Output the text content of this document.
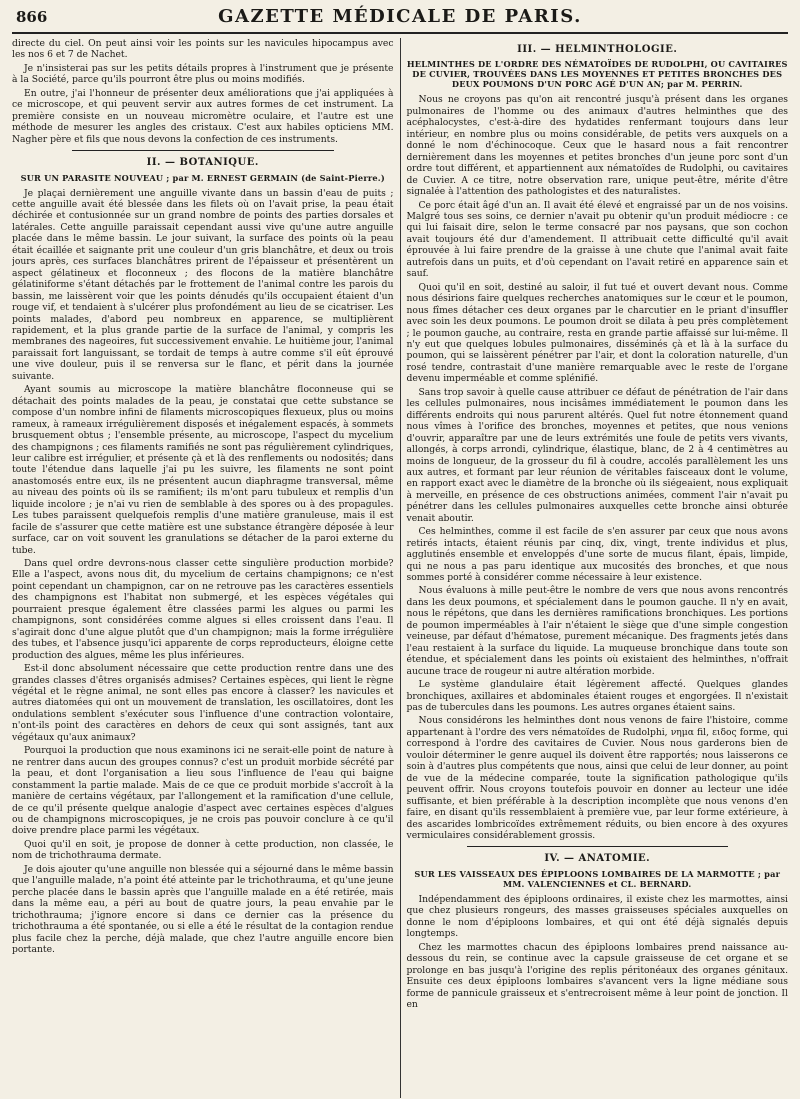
866	GAZETTE MÉDICALE DE PARIS.

directe du ciel. On peut ainsi voir les points sur les navicules hipocampus avec les nos 6 et 7 de Nachet.

Je n'insisterai pas sur les petits détails propres à l'instrument que je présente à la Société, parce qu'ils pourront être plus ou moins modifiés.

En outre, j'ai l'honneur de présenter deux améliorations que j'ai appliquées à ce microscope, et qui peuvent servir aux autres formes de cet instrument. La première consiste en un nouveau micromètre oculaire, et l'autre est une méthode de mesurer les angles des cristaux. C'est aux habiles opticiens MM. Nagher père et fils que nous devons la confection de ces instruments.

II. — BOTANIQUE.
SUR UN PARASITE NOUVEAU ; par M. ERNEST GERMAIN (de Saint-Pierre.)

Je plaçai dernièrement une anguille vivante dans un bassin d'eau de puits ; cette anguille avait été blessée dans les filets où on l'avait prise, la peau était déchirée et contusionnée sur un grand nombre de points des parties dorsales et latérales. Cette anguille paraissait cependant aussi vive qu'une autre anguille placée dans le même bassin. Le jour suivant, la surface des points où la peau était écaillée et saignante prit une couleur d'un gris blanchâtre, et deux ou trois jours après, ces surfaces blanchâtres prirent de l'épaisseur et présentèrent un aspect gélatineux et floconneux ; des flocons de la matière blanchâtre gélatiniforme s'étant détachés par le frottement de l'animal contre les parois du bassin, me laissèrent voir que les points dénudés qu'ils occupaient étaient d'un rouge vif, et tendaient à s'ulcérer plus profondément au lieu de se cicatriser. Les points malades, d'abord peu nombreux en apparence, se multiplièrent rapidement, et la plus grande partie de la surface de l'animal, y compris les membranes des nageoires, fut successivement envahie. Le huitième jour, l'animal paraissait fort languissant, se tordait de temps à autre comme s'il eût éprouvé une vive douleur, puis il se renversa sur le flanc, et périt dans la journée suivante.

Ayant soumis au microscope la matière blanchâtre floconneuse qui se détachait des points malades de la peau, je constatai que cette substance se compose d'un nombre infini de filaments microscopiques flexueux, plus ou moins rameux, à rameaux irrégulièrement disposés et inégalement espacés, à sommets brusquement obtus ; l'ensemble présente, au microscope, l'aspect du mycelium des champignons ; ces filaments ramifiés ne sont pas régulièrement cylindriques, leur calibre est irrégulier, et présente çà et là des renflements ou nodosités; dans toute l'étendue dans laquelle j'ai pu les suivre, les filaments ne sont point anastomosés entre eux, ils ne présentent aucun diaphragme transversal, même au niveau des points où ils se ramifient; ils m'ont paru tubuleux et remplis d'un liquide incolore ; je n'ai vu rien de semblable à des spores ou à des propagules. Les tubes paraissent quelquefois remplis d'une matière granuleuse, mais il est facile de s'assurer que cette matière est une substance étrangère déposée à leur surface, car on voit souvent les granulations se détacher de la paroi externe du tube.

Dans quel ordre devrons-nous classer cette singulière production morbide? Elle a l'aspect, avons nous dit, du mycelium de certains champignons; ce n'est point cependant un champignon, car on ne retrouve pas les caractères essentiels des champignons est l'habitat non submergé, et les espèces végétales qui pourraient presque également être classées parmi les algues ou parmi les champignons, sont considérées comme algues si elles croissent dans l'eau. Il s'agirait donc d'une algue plutôt que d'un champignon; mais la forme irrégulière des tubes, et l'absence jusqu'ici apparente de corps reproducteurs, éloigne cette production des algues, même les plus inférieures.

Est-il donc absolument nécessaire que cette production rentre dans une des grandes classes d'êtres organisés admises? Certaines espèces, qui lient le règne végétal et le règne animal, ne sont elles pas encore à classer? les navicules et autres diatomées qui ont un mouvement de translation, les oscillatoires, dont les ondulations semblent s'exécuter sous l'influence d'une contraction volontaire, n'ont-ils point des caractères en dehors de ceux qui sont assignés, tant aux végétaux qu'aux animaux?

Pourquoi la production que nous examinons ici ne serait-elle point de nature à ne rentrer dans aucun des groupes connus? c'est un produit morbide sécrété par la peau, et dont l'organisation a lieu sous l'influence de l'eau qui baigne constamment la partie malade. Mais de ce que ce produit morbide s'accroît à la manière de certains végétaux, par l'allongement et la ramification d'une cellule, de ce qu'il présente quelque analogie d'aspect avec certaines espèces d'algues ou de champignons microscopiques, je ne crois pas pouvoir conclure à ce qu'il doive prendre place parmi les végétaux.

Quoi qu'il en soit, je propose de donner à cette production, non classée, le nom de trichothrauma dermate.

Je dois ajouter qu'une anguille non blessée qui a séjourné dans le même bassin que l'anguille malade, n'a point été atteinte par le trichothrauma, et qu'une jeune perche placée dans le bassin après que l'anguille malade en a été retirée, mais dans la même eau, a péri au bout de quatre jours, la peau envahie par le trichothrauma; j'ignore encore si dans ce dernier cas la présence du trichothrauma a été spontanée, ou si elle a été le résultat de la contagion rendue plus facile chez la perche, déjà malade, que chez l'autre anguille encore bien portante.

III. — HELMINTHOLOGIE.
HELMINTHES DE L'ORDRE DES NÉMATOÏDES DE RUDOLPHI, OU CAVITAIRES DE CUVIER, TROUVÉES DANS LES MOYENNES ET PETITES BRONCHES DES DEUX POUMONS D'UN PORC AGÉ D'UN AN; par M. PERRIN.

Nous ne croyons pas qu'on ait rencontré jusqu'à présent dans les organes pulmonaires de l'homme ou des animaux d'autres helminthes que des acéphalocystes, c'est-à-dire des hydatides renfermant toujours dans leur intérieur, en nombre plus ou moins considérable, de petits vers auxquels on a donné le nom d'échinocoque. Ceux que le hasard nous a fait rencontrer dernièrement dans les moyennes et petites bronches d'un jeune porc sont d'un ordre tout différent, et appartiennent aux nématoïdes de Rudolphi, ou cavitaires de Cuvier. A ce titre, notre observation rare, unique peut-être, mérite d'être signalée à l'attention des pathologistes et des naturalistes.

Ce porc était âgé d'un an. Il avait été élevé et engraissé par un de nos voisins. Malgré tous ses soins, ce dernier n'avait pu obtenir qu'un produit médiocre : ce qui lui faisait dire, selon le terme consacré par nos paysans, que son cochon avait toujours été dur d'amendement. Il attribuait cette difficulté qu'il avait éprouvée à lui faire prendre de la graisse à une chute que l'animal avait faite autrefois dans un puits, et d'où cependant on l'avait retiré en apparence sain et sauf.

Quoi qu'il en soit, destiné au saloir, il fut tué et ouvert devant nous. Comme nous désirions faire quelques recherches anatomiques sur le cœur et le poumon, nous fîmes détacher ces deux organes par le charcutier en le priant d'insuffler avec soin les deux poumons. Le poumon droit se dilata à peu près complètement ; le poumon gauche, au contraire, resta en grande partie affaissé sur lui-même. Il n'y eut que quelques lobules pulmonaires, disséminés çà et là à la surface du poumon, qui se laissèrent pénétrer par l'air, et dont la coloration naturelle, d'un rosé tendre, contrastait d'une manière remarquable avec le reste de l'organe devenu imperméable et comme splénifié.

Sans trop savoir à quelle cause attribuer ce défaut de pénétration de l'air dans les cellules pulmonaires, nous incisâmes immédiatement le poumon dans les différents endroits qui nous parurent altérés. Quel fut notre étonnement quand nous vîmes à l'orifice des bronches, moyennes et petites, que nous venions d'ouvrir, apparaître par une de leurs extrémités une foule de petits vers vivants, allongés, à corps arrondi, cylindrique, élastique, blanc, de 2 à 4 centimètres au moins de longueur, de la grosseur du fil à coudre, accolés parallèlement les uns aux autres, et formant par leur réunion de véritables faisceaux dont le volume, en rapport exact avec le diamètre de la bronche où ils siégeaient, nous expliquait à merveille, en présence de ces obstructions animées, comment l'air n'avait pu pénétrer dans les cellules pulmonaires auxquelles cette bronche ainsi obturée venait aboutir.

Ces helminthes, comme il est facile de s'en assurer par ceux que nous avons retirés intacts, étaient réunis par cinq, dix, vingt, trente individus et plus, agglutinés ensemble et enveloppés d'une sorte de mucus filant, épais, limpide, qui ne nous a pas paru identique aux mucosités des bronches, et que nous sommes porté à considérer comme nécessaire à leur existence.

Nous évaluons à mille peut-être le nombre de vers que nous avons rencontrés dans les deux poumons, et spécialement dans le poumon gauche. Il n'y en avait, nous le répétons, que dans les dernières ramifications bronchiques. Les portions de poumon imperméables à l'air n'étaient le siège que d'une simple congestion veineuse, par défaut d'hématose, purement mécanique. Des fragments jetés dans l'eau restaient à la surface du liquide. La muqueuse bronchique dans toute son étendue, et spécialement dans les points où existaient des helminthes, n'offrait aucune trace de rougeur ni autre altération morbide.

Le système glandulaire était légèrement affecté. Quelques glandes bronchiques, axillaires et abdominales étaient rouges et engorgées. Il n'existait pas de tubercules dans les poumons. Les autres organes étaient sains.

Nous considérons les helminthes dont nous venons de faire l'histoire, comme appartenant à l'ordre des vers nématoïdes de Rudolphi, νημα fil, ειδος forme, qui correspond à l'ordre des cavitaires de Cuvier. Nous nous garderons bien de vouloir déterminer le genre auquel ils doivent être rapportés; nous laisserons ce soin à d'autres plus compétents que nous, ainsi que celui de leur donner, au point de vue de la médecine comparée, toute la signification pathologique qu'ils peuvent offrir. Nous croyons toutefois pouvoir en donner au lecteur une idée suffisante, et bien préférable à la description incomplète que nous venons d'en faire, en disant qu'ils ressemblaient à première vue, par leur forme extérieure, à des ascarides lombricoïdes extrêmement réduits, ou bien encore à des oxyures vermiculaires considérablement grossis.

IV. — ANATOMIE.
SUR LES VAISSEAUX DES ÉPIPLOONS LOMBAIRES DE LA MARMOTTE ; par MM. VALENCIENNES et CL. BERNARD.

Indépendamment des épiploons ordinaires, il existe chez les marmottes, ainsi que chez plusieurs rongeurs, des masses graisseuses spéciales auxquelles on donne le nom d'épiploons lombaires, et qui ont été déjà signalés depuis longtemps.

Chez les marmottes chacun des épiploons lombaires prend naissance au-dessous du rein, se continue avec la capsule graisseuse de cet organe et se prolonge en bas jusqu'à l'origine des replis péritonéaux des organes génitaux. Ensuite ces deux épiploons lombaires s'avancent vers la ligne médiane sous forme de pannicule graisseux et s'entrecroisent même à leur point de jonction. Il en
